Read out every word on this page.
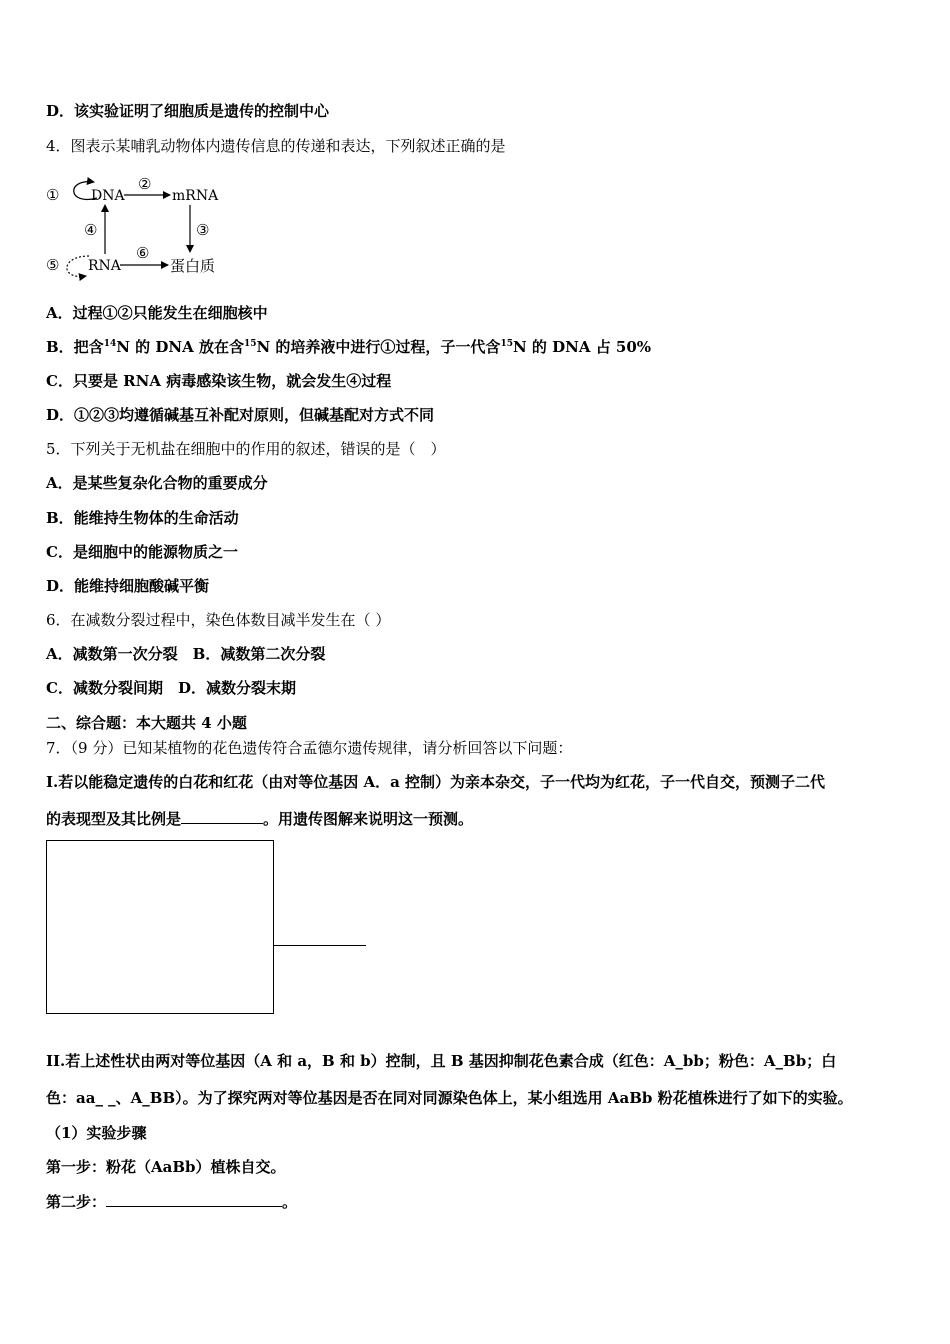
D．该实验证明了细胞质是遗传的控制中心
4．图表示某哺乳动物体内遗传信息的传递和表达，下列叙述正确的是
① DNA
②
mRNA
③
④
⑤ RNA
⑥
蛋白质
A．过程①②只能发生在细胞核中
B．把含$^{14}$N 的 DNA 放在含$^{15}$N 的培养液中进行①过程，子一代含$^{15}$N 的 DNA 占 50%
C．只要是 RNA 病毒感染该生物，就会发生④过程
D．①②③均遵循碱基互补配对原则，但碱基配对方式不同
5．下列关于无机盐在细胞中的作用的叙述，错误的是（　）
A．是某些复杂化合物的重要成分
B．能维持生物体的生命活动
C．是细胞中的能源物质之一
D．能维持细胞酸碱平衡
6．在减数分裂过程中，染色体数目减半发生在（ ）
A．减数第一次分裂　B．减数第二次分裂
C．减数分裂间期　D．减数分裂末期
二、综合题：本大题共 4 小题
7．（9 分）已知某植物的花色遗传符合孟德尔遗传规律，请分析回答以下问题：
I.若以能稳定遗传的白花和红花（由对等位基因 A．a 控制）为亲本杂交，子一代均为红花，子一代自交，预测子二代
的表现型及其比例是	。用遗传图解来说明这一预测。
II.若上述性状由两对等位基因（A 和 a，B 和 b）控制，且 B 基因抑制花色素合成（红色：A_bb；粉色：A_Bb；白
色：aa_ _、A_BB）。为了探究两对等位基因是否在同对同源染色体上，某小组选用 AaBb 粉花植株进行了如下的实验。
（1）实验步骤
第一步：粉花（AaBb）植株自交。
第二步：	。
